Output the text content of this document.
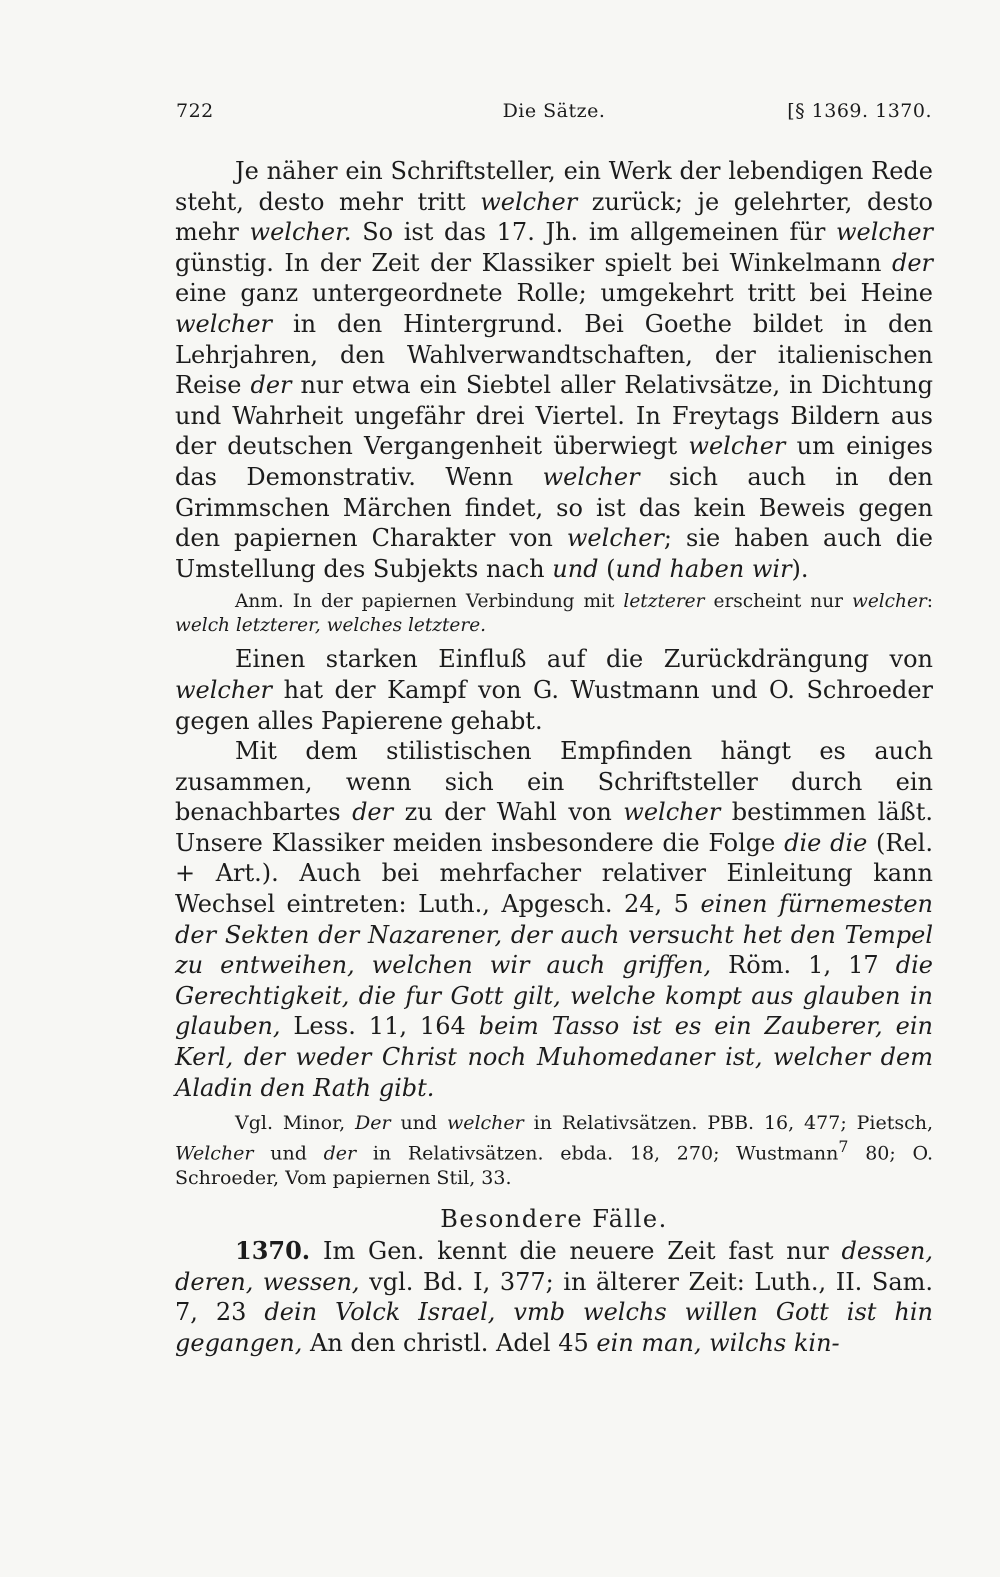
722	Die Sätze.	[§ 1369. 1370.

Je näher ein Schriftsteller, ein Werk der lebendigen Rede steht, desto mehr tritt welcher zurück; je gelehrter, desto mehr welcher. So ist das 17. Jh. im allgemeinen für welcher günstig. In der Zeit der Klassiker spielt bei Winkelmann der eine ganz untergeordnete Rolle; umgekehrt tritt bei Heine welcher in den Hintergrund. Bei Goethe bildet in den Lehrjahren, den Wahlverwandtschaften, der italienischen Reise der nur etwa ein Siebtel aller Relativsätze, in Dichtung und Wahrheit ungefähr drei Viertel. In Freytags Bildern aus der deutschen Vergangenheit überwiegt welcher um einiges das Demonstrativ. Wenn welcher sich auch in den Grimmschen Märchen findet, so ist das kein Beweis gegen den papiernen Charakter von welcher; sie haben auch die Umstellung des Subjekts nach und (und haben wir).

Anm. In der papiernen Verbindung mit letzterer erscheint nur welcher: welch letzterer, welches letztere.

Einen starken Einfluß auf die Zurückdrängung von welcher hat der Kampf von G. Wustmann und O. Schroeder gegen alles Papierene gehabt.

Mit dem stilistischen Empfinden hängt es auch zusammen, wenn sich ein Schriftsteller durch ein benachbartes der zu der Wahl von welcher bestimmen läßt. Unsere Klassiker meiden insbesondere die Folge die die (Rel. + Art.). Auch bei mehrfacher relativer Einleitung kann Wechsel eintreten: Luth., Apgesch. 24, 5 einen fürnemesten der Sekten der Nazarener, der auch versucht het den Tempel zu entweihen, welchen wir auch griffen, Röm. 1, 17 die Gerechtigkeit, die fur Gott gilt, welche kompt aus glauben in glauben, Less. 11, 164 beim Tasso ist es ein Zauberer, ein Kerl, der weder Christ noch Muhomedaner ist, welcher dem Aladin den Rath gibt.

Vgl. Minor, Der und welcher in Relativsätzen. PBB. 16, 477; Pietsch, Welcher und der in Relativsätzen. ebda. 18, 270; Wustmann$^7$ 80; O. Schroeder, Vom papiernen Stil, 33.

Besondere Fälle.

1370. Im Gen. kennt die neuere Zeit fast nur dessen, deren, wessen, vgl. Bd. I, 377; in älterer Zeit: Luth., II. Sam. 7, 23 dein Volck Israel, vmb welchs willen Gott ist hin gegangen, An den christl. Adel 45 ein man, wilchs kin-
